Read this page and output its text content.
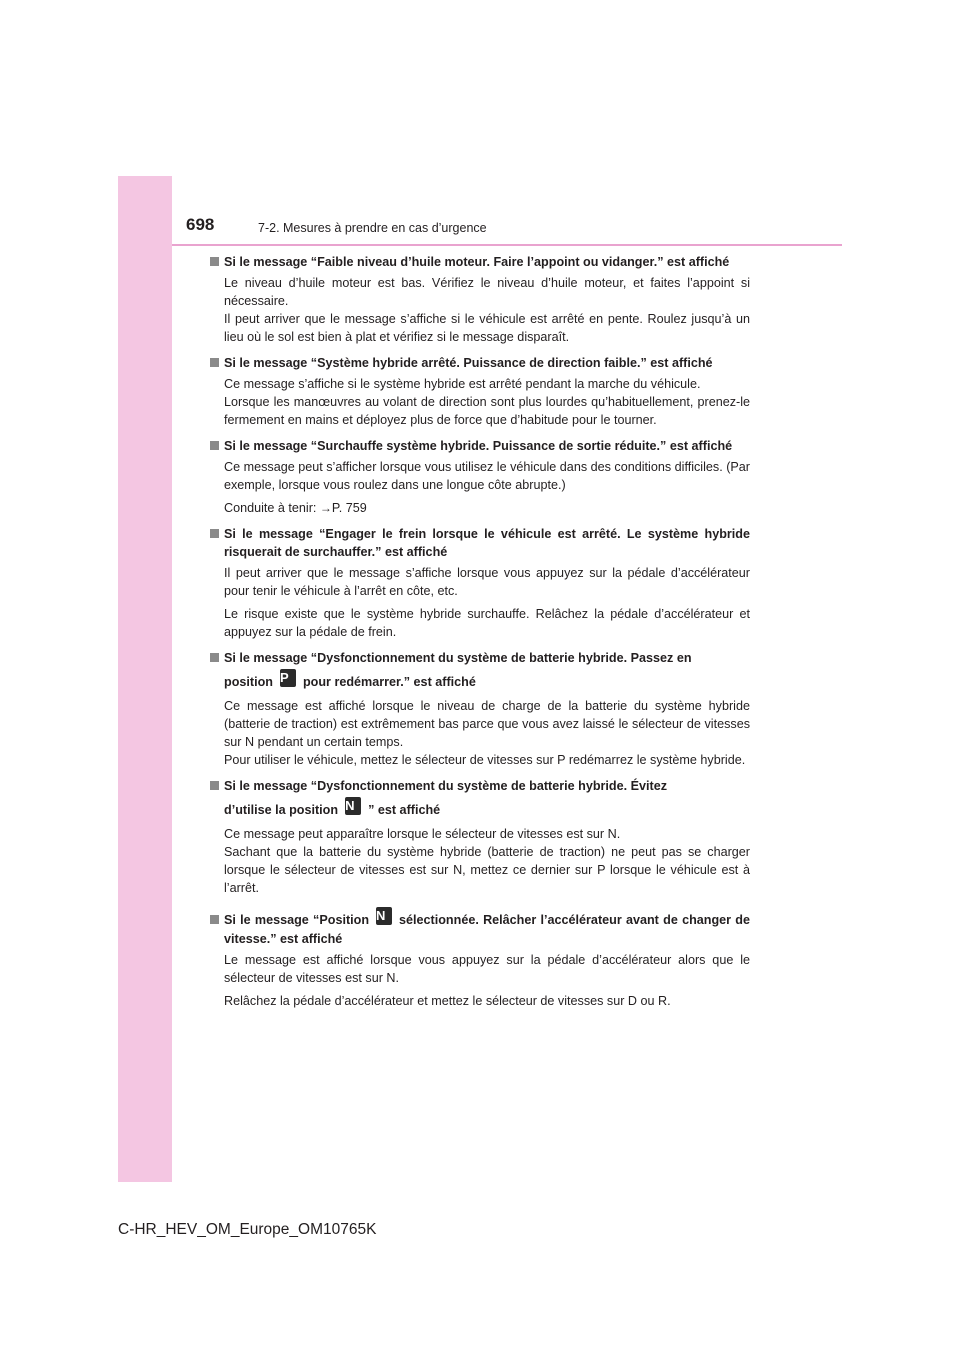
698	7-2. Mesures à prendre en cas d’urgence
Si le message “Faible niveau d’huile moteur. Faire l’appoint ou vidanger.” est affiché
Le niveau d’huile moteur est bas. Vérifiez le niveau d’huile moteur, et faites l’appoint si nécessaire.
Il peut arriver que le message s’affiche si le véhicule est arrêté en pente. Roulez jusqu’à un lieu où le sol est bien à plat et vérifiez si le message disparaît.
Si le message “Système hybride arrêté. Puissance de direction faible.” est affiché
Ce message s’affiche si le système hybride est arrêté pendant la marche du véhicule.
Lorsque les manœuvres au volant de direction sont plus lourdes qu’habituellement, prenez-le fermement en mains et déployez plus de force que d’habitude pour le tourner.
Si le message “Surchauffe système hybride. Puissance de sortie réduite.” est affiché
Ce message peut s’afficher lorsque vous utilisez le véhicule dans des conditions difficiles. (Par exemple, lorsque vous roulez dans une longue côte abrupte.)
Conduite à tenir: →P. 759
Si le message “Engager le frein lorsque le véhicule est arrêté. Le système hybride risquerait de surchauffer.” est affiché
Il peut arriver que le message s’affiche lorsque vous appuyez sur la pédale d’accélérateur pour tenir le véhicule à l’arrêt en côte, etc.
Le risque existe que le système hybride surchauffe. Relâchez la pédale d’accélérateur et appuyez sur la pédale de frein.
Si le message “Dysfonctionnement du système de batterie hybride. Passez en
position P pour redémarrer.” est affiché
Ce message est affiché lorsque le niveau de charge de la batterie du système hybride (batterie de traction) est extrêmement bas parce que vous avez laissé le sélecteur de vitesses sur N pendant un certain temps.
Pour utiliser le véhicule, mettez le sélecteur de vitesses sur P redémarrez le système hybride.
Si le message “Dysfonctionnement du système de batterie hybride. Évitez
d’utilise la position N ” est affiché
Ce message peut apparaître lorsque le sélecteur de vitesses est sur N.
Sachant que la batterie du système hybride (batterie de traction) ne peut pas se charger lorsque le sélecteur de vitesses est sur N, mettez ce dernier sur P lorsque le véhicule est à l’arrêt.
Si le message “Position N sélectionnée. Relâcher l’accélérateur avant de changer de vitesse.” est affiché
Le message est affiché lorsque vous appuyez sur la pédale d’accélérateur alors que le sélecteur de vitesses est sur N.
Relâchez la pédale d’accélérateur et mettez le sélecteur de vitesses sur D ou R.
C-HR_HEV_OM_Europe_OM10765K
